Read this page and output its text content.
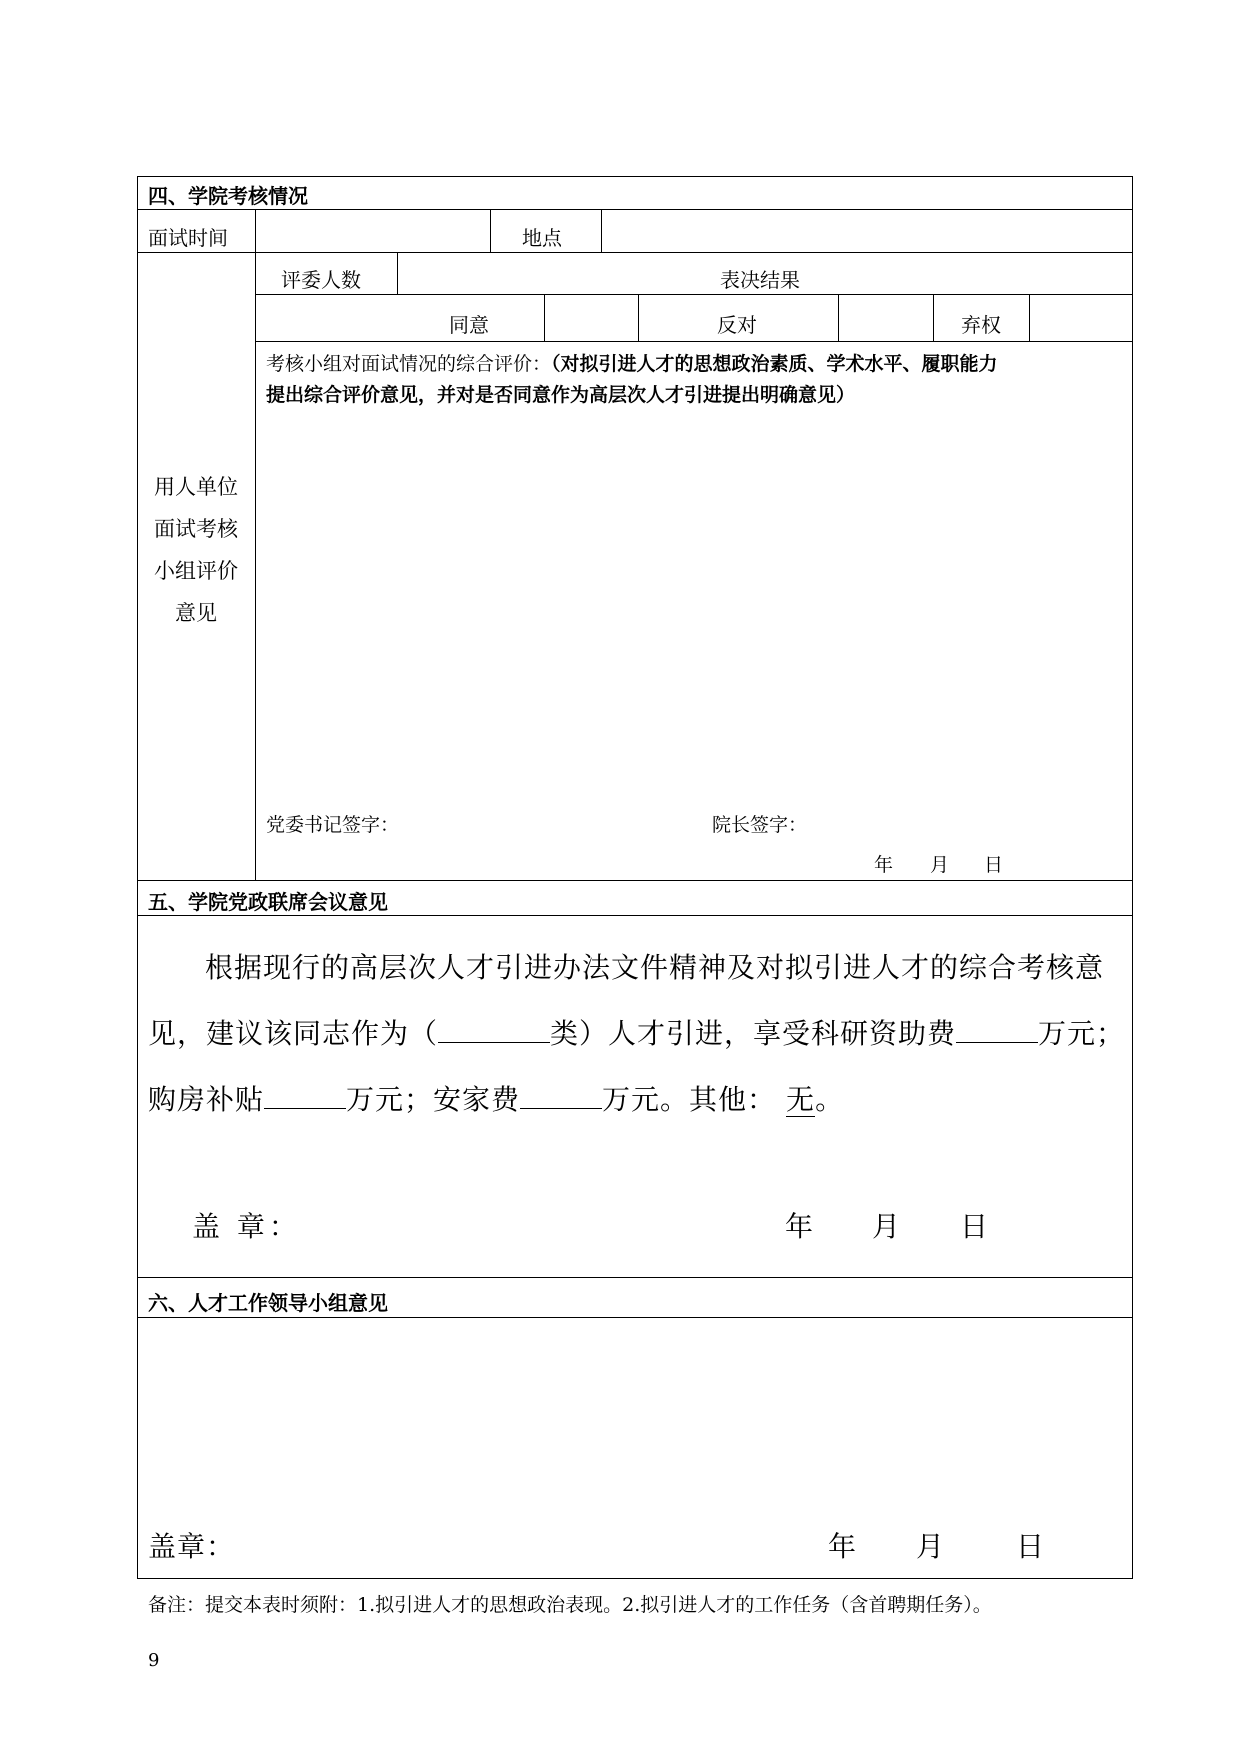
四、学院考核情况
面试时间	地点
用人单位
面试考核
小组评价
意见
评委人数	表决结果
同意	反对	弃权
考核小组对面试情况的综合评价：（对拟引进人才的思想政治素质、学术水平、履职能力
提出综合评价意见，并对是否同意作为高层次人才引进提出明确意见）
党委书记签字：	院长签字：
年 月 日
五、学院党政联席会议意见
根据现行的高层次人才引进办法文件精神及对拟引进人才的综合考核意
见，建议该同志作为（	类）人才引进，享受科研资助费	万元；
购房补贴	万元；安家费	万元。其他： 无。
盖 章：	年 月 日
六、人才工作领导小组意见
盖章：	年 月	日
备注：提交本表时须附：1.拟引进人才的思想政治表现。2.拟引进人才的工作任务（含首聘期任务）。
9
